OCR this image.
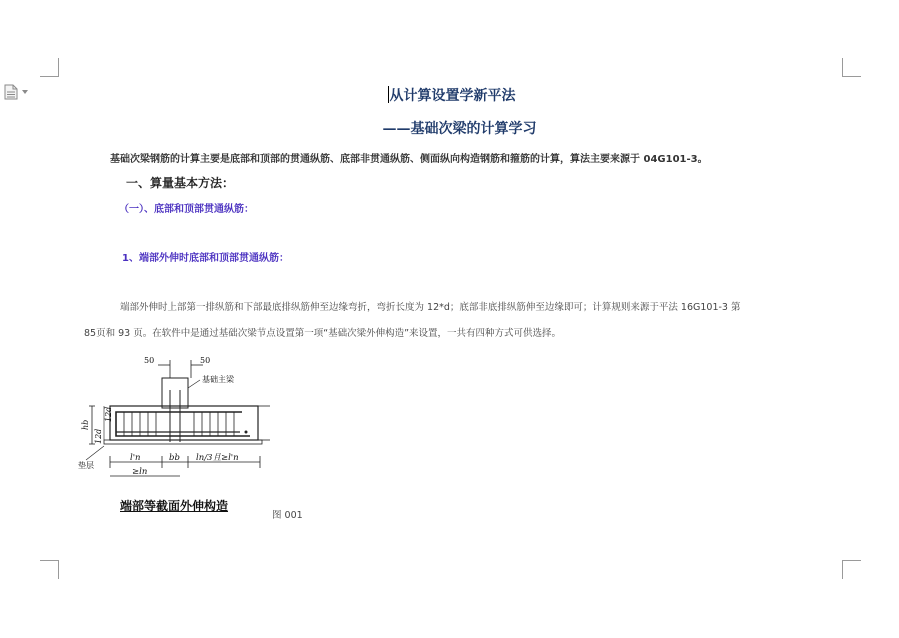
从计算设置学新平法
——基础次梁的计算学习
基础次梁钢筋的计算主要是底部和顶部的贯通纵筋、底部非贯通纵筋、侧面纵向构造钢筋和箍筋的计算，算法主要来源于 04G101-3。
一、算量基本方法：
（一）、底部和顶部贯通纵筋：
1、端部外伸时底部和顶部贯通纵筋：
端部外伸时上部第一排纵筋和下部最底排纵筋伸至边缘弯折，弯折长度为 12*d；底部非底排纵筋伸至边缘即可；计算规则来源于平法 16G101-3 第
85页和 93 页。在软件中是通过基础次梁节点设置第一项“基础次梁外伸构造”来设置，一共有四种方式可供选择。
50	50
基础主梁
hb
12d
12d
垫层
l'n	bb ln/3且≥l'n
≥ln
端部等截面外伸构造
图 001
